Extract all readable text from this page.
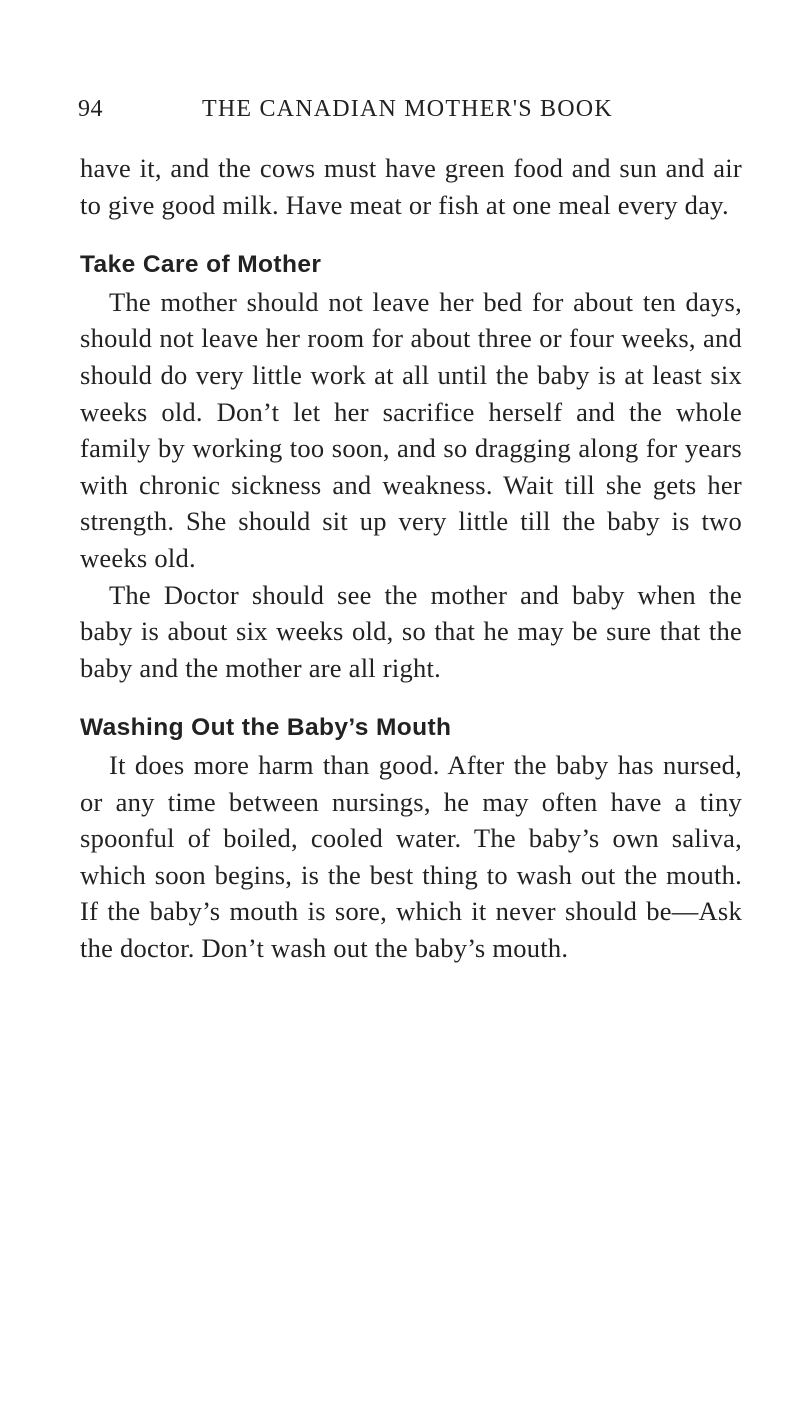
94	THE CANADIAN MOTHER'S BOOK

have it, and the cows must have green food and sun and air to give good milk. Have meat or fish at one meal every day.

Take Care of Mother

The mother should not leave her bed for about ten days, should not leave her room for about three or four weeks, and should do very little work at all until the baby is at least six weeks old. Don’t let her sacrifice herself and the whole family by working too soon, and so dragging along for years with chronic sickness and weakness. Wait till she gets her strength. She should sit up very little till the baby is two weeks old.

The Doctor should see the mother and baby when the baby is about six weeks old, so that he may be sure that the baby and the mother are all right.

Washing Out the Baby’s Mouth

It does more harm than good. After the baby has nursed, or any time between nursings, he may often have a tiny spoonful of boiled, cooled water. The baby’s own saliva, which soon begins, is the best thing to wash out the mouth. If the baby’s mouth is sore, which it never should be—Ask the doctor. Don’t wash out the baby’s mouth.
